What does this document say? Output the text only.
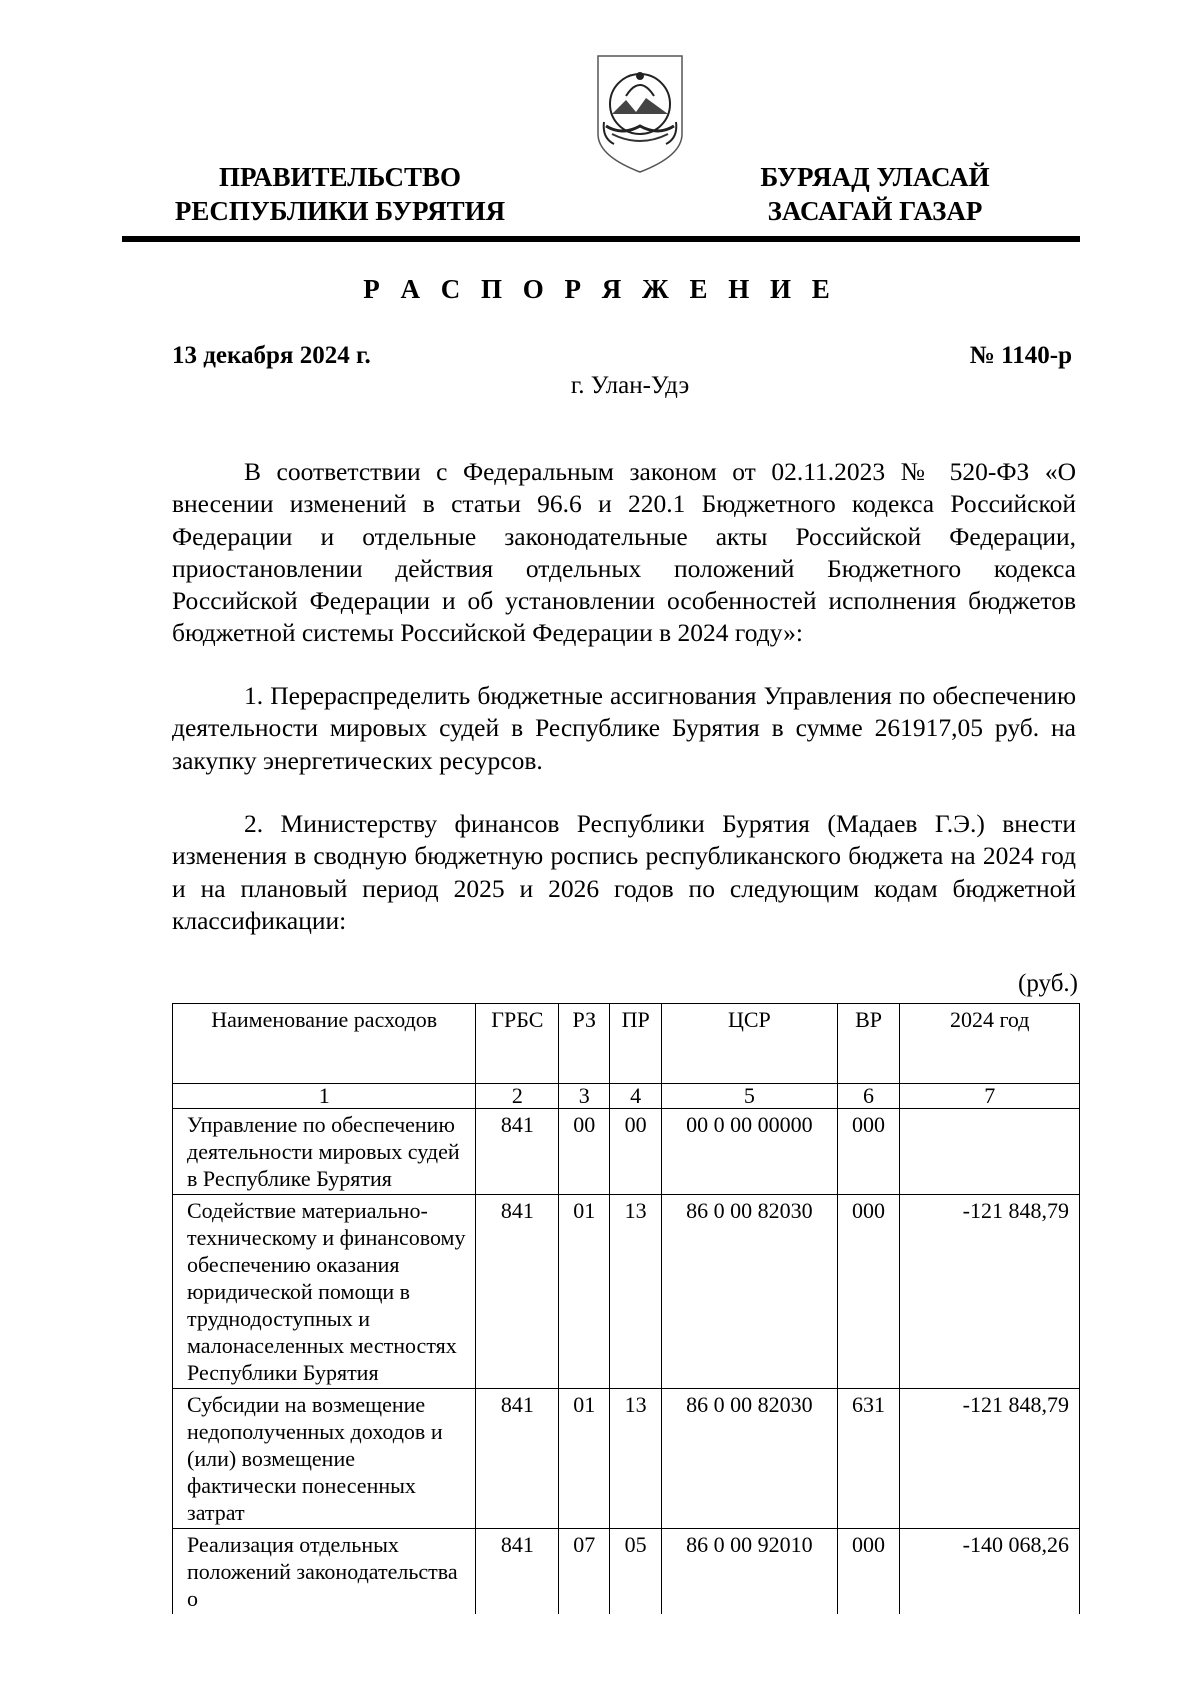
ПРАВИТЕЛЬСТВО
РЕСПУБЛИКИ БУРЯТИЯ
БУРЯАД УЛАСАЙ
ЗАСАГАЙ ГАЗАР
Р А С П О Р Я Ж Е Н И Е
13 декабря 2024 г.	№ 1140-р
г. Улан-Удэ

В соответствии с Федеральным законом от 02.11.2023 № 520-ФЗ «О внесении изменений в статьи 96.6 и 220.1 Бюджетного кодекса Российской Федерации и отдельные законодательные акты Российской Федерации, приостановлении действия отдельных положений Бюджетного кодекса Российской Федерации и об установлении особенностей исполнения бюджетов бюджетной системы Российской Федерации в 2024 году»:

1. Перераспределить бюджетные ассигнования Управления по обеспечению деятельности мировых судей в Республике Бурятия в сумме 261917,05 руб. на закупку энергетических ресурсов.

2. Министерству финансов Республики Бурятия (Мадаев Г.Э.) внести изменения в сводную бюджетную роспись республиканского бюджета на 2024 год и на плановый период 2025 и 2026 годов по следующим кодам бюджетной классификации:

(руб.)
Наименование расходов	ГРБС	РЗ	ПР	ЦСР	ВР	2024 год
1	2	3	4	5	6	7
Управление по обеспечению деятельности мировых судей в Республике Бурятия	841	00	00	00 0 00 00000	000	
Содействие материально-техническому и финансовому обеспечению оказания юридической помощи в труднодоступных и малонаселенных местностях Республики Бурятия	841	01	13	86 0 00 82030	000	-121 848,79
Субсидии на возмещение недополученных доходов и (или) возмещение фактически понесенных затрат	841	01	13	86 0 00 82030	631	-121 848,79
Реализация отдельных положений законодательства о	841	07	05	86 0 00 92010	000	-140 068,26
